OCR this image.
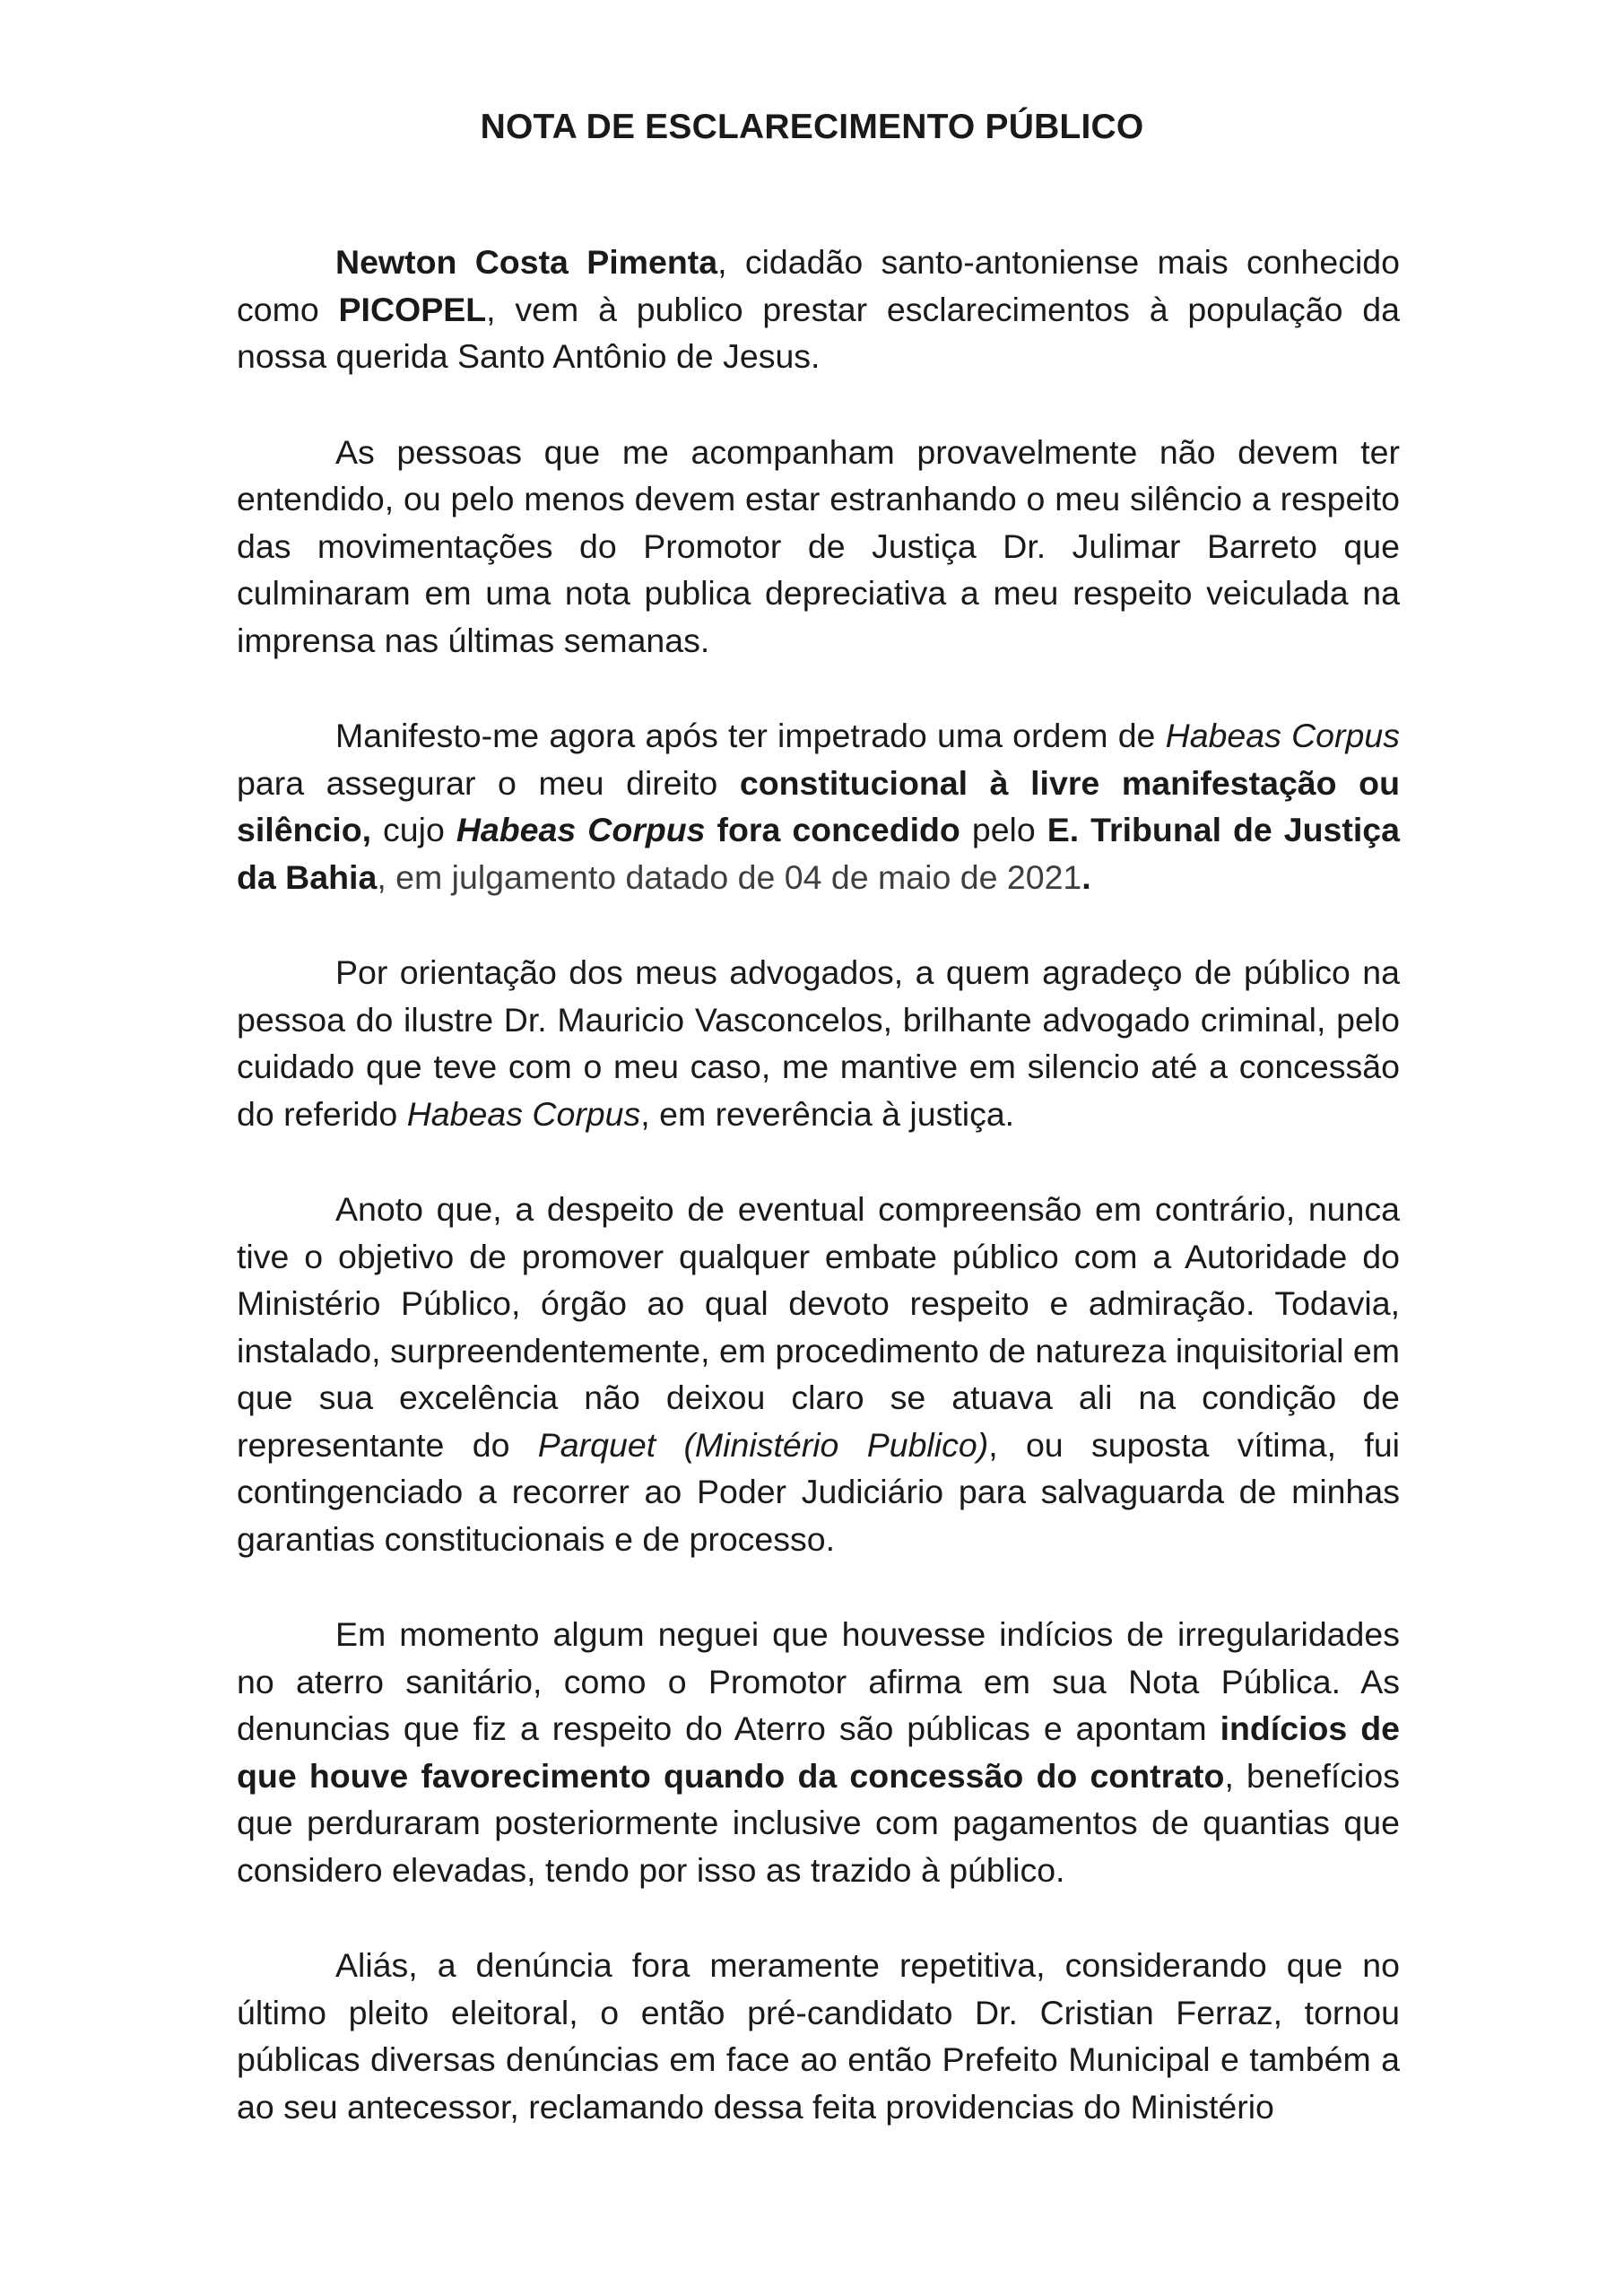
NOTA DE ESCLARECIMENTO PÚBLICO

Newton Costa Pimenta, cidadão santo-antoniense mais conhecido como PICOPEL, vem à publico prestar esclarecimentos à população da nossa querida Santo Antônio de Jesus.

As pessoas que me acompanham provavelmente não devem ter entendido, ou pelo menos devem estar estranhando o meu silêncio a respeito das movimentações do Promotor de Justiça Dr. Julimar Barreto que culminaram em uma nota publica depreciativa a meu respeito veiculada na imprensa nas últimas semanas.

Manifesto-me agora após ter impetrado uma ordem de Habeas Corpus para assegurar o meu direito constitucional à livre manifestação ou silêncio, cujo Habeas Corpus fora concedido pelo E. Tribunal de Justiça da Bahia, em julgamento datado de 04 de maio de 2021.

Por orientação dos meus advogados, a quem agradeço de público na pessoa do ilustre Dr. Mauricio Vasconcelos, brilhante advogado criminal, pelo cuidado que teve com o meu caso, me mantive em silencio até a concessão do referido Habeas Corpus, em reverência à justiça.

Anoto que, a despeito de eventual compreensão em contrário, nunca tive o objetivo de promover qualquer embate público com a Autoridade do Ministério Público, órgão ao qual devoto respeito e admiração. Todavia, instalado, surpreendentemente, em procedimento de natureza inquisitorial em que sua excelência não deixou claro se atuava ali na condição de representante do Parquet (Ministério Publico), ou suposta vítima, fui contingenciado a recorrer ao Poder Judiciário para salvaguarda de minhas garantias constitucionais e de processo.

Em momento algum neguei que houvesse indícios de irregularidades no aterro sanitário, como o Promotor afirma em sua Nota Pública. As denuncias que fiz a respeito do Aterro são públicas e apontam indícios de que houve favorecimento quando da concessão do contrato, benefícios que perduraram posteriormente inclusive com pagamentos de quantias que considero elevadas, tendo por isso as trazido à público.

Aliás, a denúncia fora meramente repetitiva, considerando que no último pleito eleitoral, o então pré-candidato Dr. Cristian Ferraz, tornou públicas diversas denúncias em face ao então Prefeito Municipal e também a ao seu antecessor, reclamando dessa feita providencias do Ministério
